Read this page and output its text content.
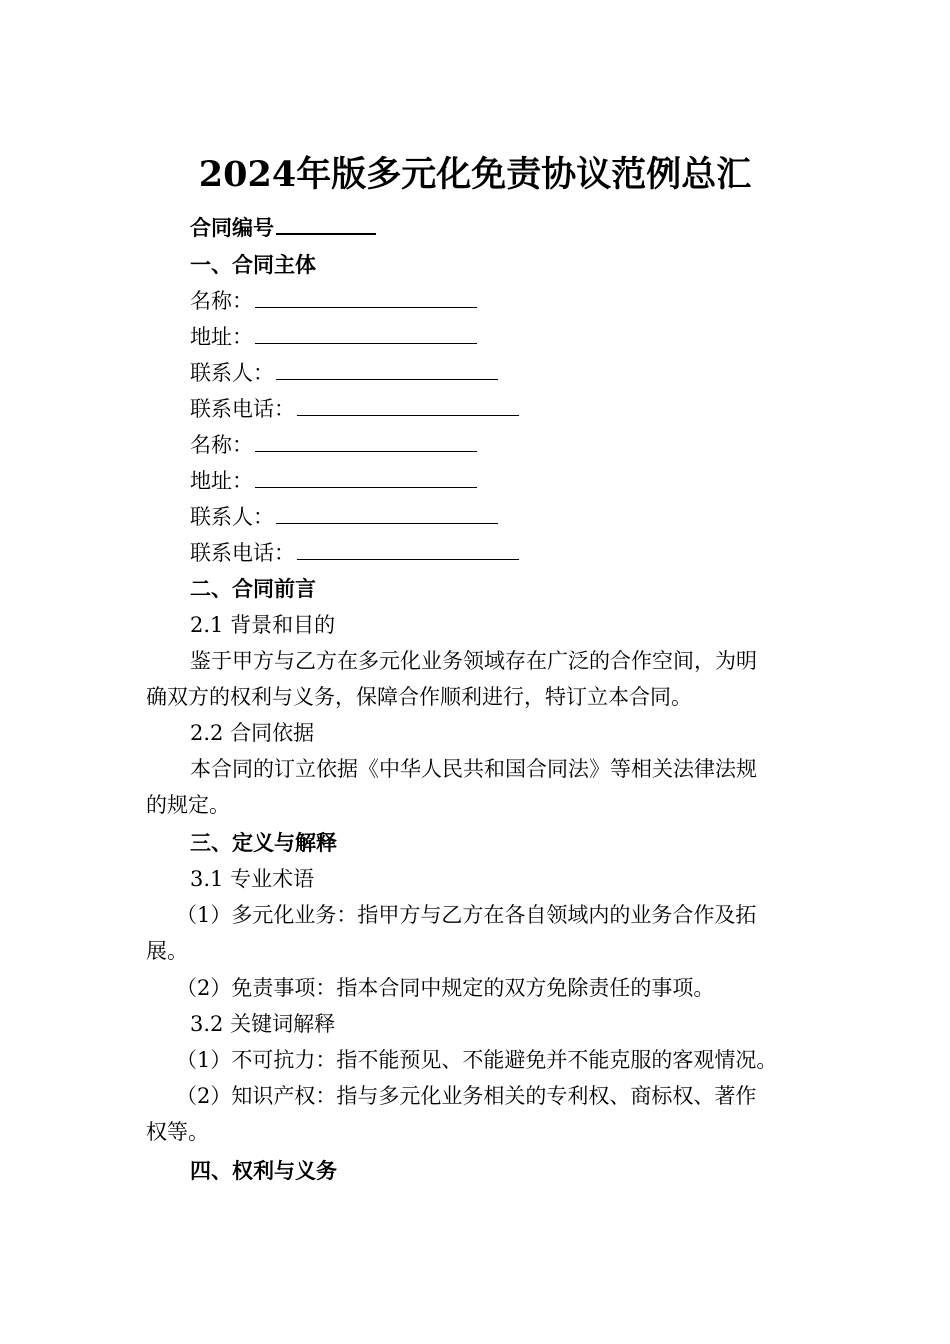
2024年版多元化免责协议范例总汇
合同编号
一、合同主体
名称：
地址：
联系人：
联系电话：
名称：
地址：
联系人：
联系电话：
二、合同前言
2.1 背景和目的
鉴于甲方与乙方在多元化业务领域存在广泛的合作空间，为明
确双方的权利与义务，保障合作顺利进行，特订立本合同。
2.2 合同依据
本合同的订立依据《中华人民共和国合同法》等相关法律法规
的规定。
三、定义与解释
3.1 专业术语
（1）多元化业务：指甲方与乙方在各自领域内的业务合作及拓
展。
（2）免责事项：指本合同中规定的双方免除责任的事项。
3.2 关键词解释
（1）不可抗力：指不能预见、不能避免并不能克服的客观情况。
（2）知识产权：指与多元化业务相关的专利权、商标权、著作
权等。
四、权利与义务
